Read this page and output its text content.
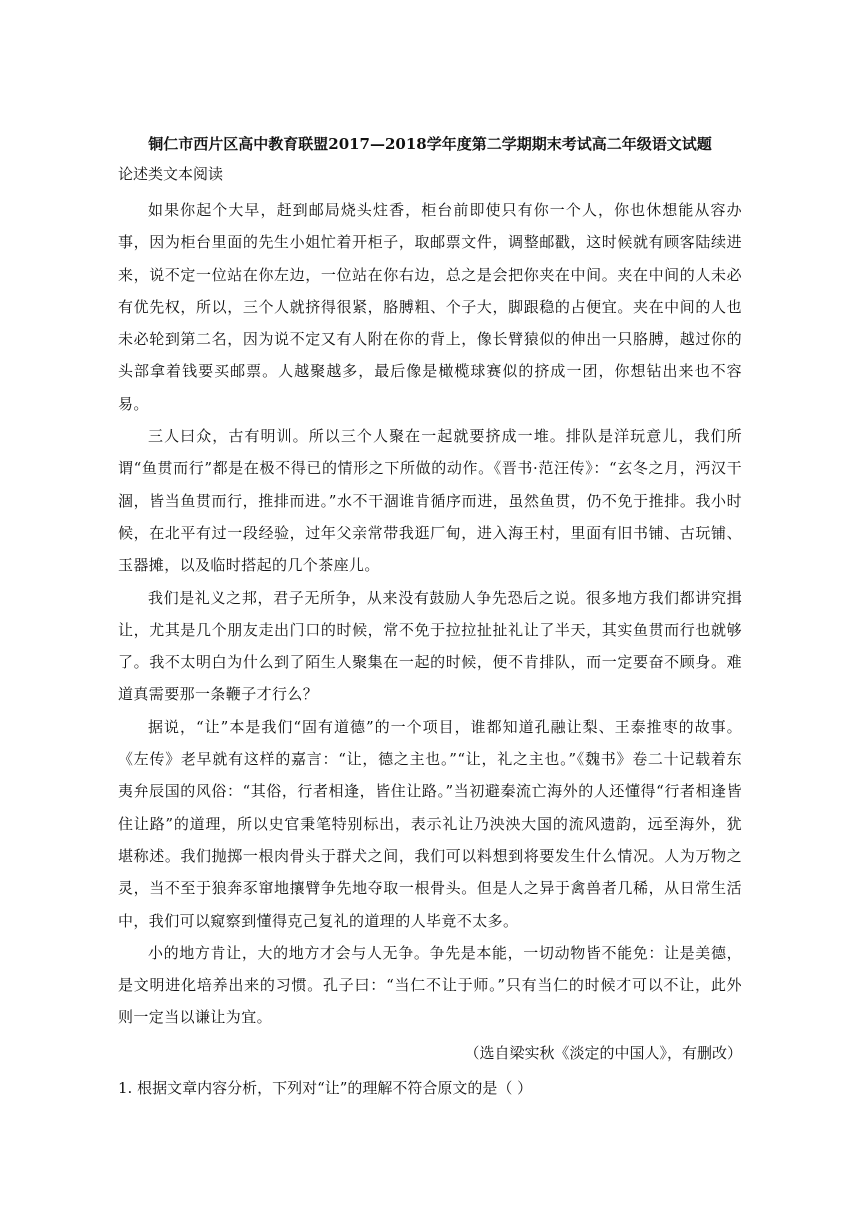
铜仁市西片区高中教育联盟2017—2018学年度第二学期期末考试高二年级语文试题
论述类文本阅读

如果你起个大早，赶到邮局烧头炷香，柜台前即使只有你一个人，你也休想能从容办事，因为柜台里面的先生小姐忙着开柜子，取邮票文件，调整邮戳，这时候就有顾客陆续进来，说不定一位站在你左边，一位站在你右边，总之是会把你夹在中间。夹在中间的人未必有优先权，所以，三个人就挤得很紧，胳膊粗、个子大，脚跟稳的占便宜。夹在中间的人也未必轮到第二名，因为说不定又有人附在你的背上，像长臂猿似的伸出一只胳膊，越过你的头部拿着钱要买邮票。人越聚越多，最后像是橄榄球赛似的挤成一团，你想钻出来也不容易。

三人曰众，古有明训。所以三个人聚在一起就要挤成一堆。排队是洋玩意儿，我们所谓“鱼贯而行”都是在极不得已的情形之下所做的动作。《晋书·范汪传》：“玄冬之月，沔汉干涸，皆当鱼贯而行，推排而进。”水不干涸谁肯循序而进，虽然鱼贯，仍不免于推排。我小时候，在北平有过一段经验，过年父亲常带我逛厂甸，进入海王村，里面有旧书铺、古玩铺、玉器摊，以及临时搭起的几个茶座儿。

我们是礼义之邦，君子无所争，从来没有鼓励人争先恐后之说。很多地方我们都讲究揖让，尤其是几个朋友走出门口的时候，常不免于拉拉扯扯礼让了半天，其实鱼贯而行也就够了。我不太明白为什么到了陌生人聚集在一起的时候，便不肯排队，而一定要奋不顾身。难道真需要那一条鞭子才行么？

据说，“让”本是我们“固有道德”的一个项目，谁都知道孔融让梨、王泰推枣的故事。《左传》老早就有这样的嘉言：“让，德之主也。”“让，礼之主也。”《魏书》卷二十记载着东夷弁辰国的风俗：“其俗，行者相逢，皆住让路。”当初避秦流亡海外的人还懂得“行者相逢皆住让路”的道理，所以史官秉笔特别标出，表示礼让乃泱泱大国的流风遗韵，远至海外，犹堪称述。我们抛掷一根肉骨头于群犬之间，我们可以料想到将要发生什么情况。人为万物之灵，当不至于狼奔豕窜地攘臂争先地夺取一根骨头。但是人之异于禽兽者几稀，从日常生活中，我们可以窥察到懂得克己复礼的道理的人毕竟不太多。

小的地方肯让，大的地方才会与人无争。争先是本能，一切动物皆不能免：让是美德，是文明进化培养出来的习惯。孔子曰：“当仁不让于师。”只有当仁的时候才可以不让，此外则一定当以谦让为宜。

（选自梁实秋《淡定的中国人》，有删改）
1. 根据文章内容分析，下列对“让”的理解不符合原文的是（ ）
